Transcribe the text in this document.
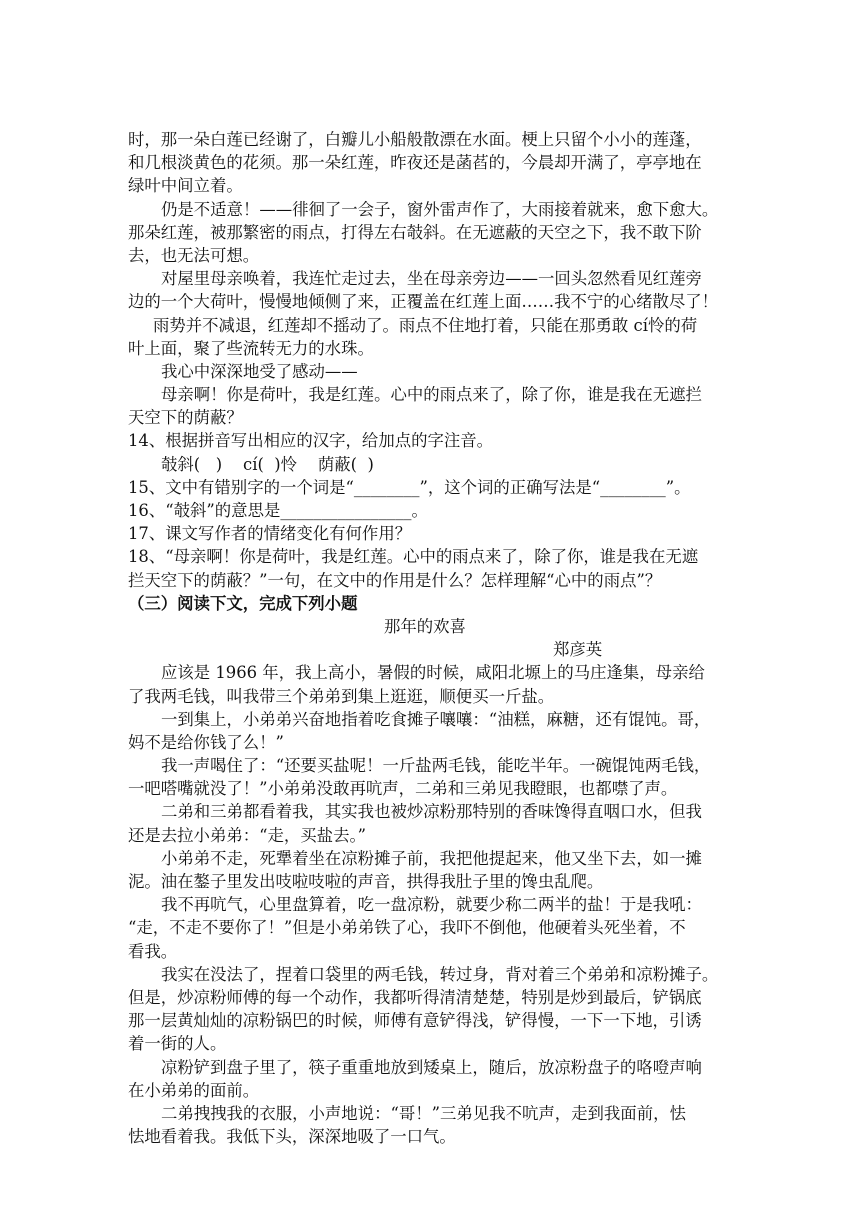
时，那一朵白莲已经谢了，白瓣儿小船般散漂在水面。梗上只留个小小的莲蓬，
和几根淡黄色的花须。那一朵红莲，昨夜还是菡萏的，今晨却开满了，亭亭地在
绿叶中间立着。
仍是不适意！——徘徊了一会子，窗外雷声作了，大雨接着就来，愈下愈大。
那朵红莲，被那繁密的雨点，打得左右攲斜。在无遮蔽的天空之下，我不敢下阶
去，也无法可想。
对屋里母亲唤着，我连忙走过去，坐在母亲旁边——一回头忽然看见红莲旁
边的一个大荷叶，慢慢地倾侧了来，正覆盖在红莲上面……我不宁的心绪散尽了！
雨势并不减退，红莲却不摇动了。雨点不住地打着，只能在那勇敢 cí怜的荷
叶上面，聚了些流转无力的水珠。
我心中深深地受了感动——
母亲啊！你是荷叶，我是红莲。心中的雨点来了，除了你，谁是我在无遮拦
天空下的荫蔽？
14、根据拼音写出相应的汉字，给加点的字注音。
攲斜(   )    cí(  )怜    荫蔽(  )
15、文中有错别字的一个词是“________”，这个词的正确写法是“________”。
16、“攲斜”的意思是________________。
17、课文写作者的情绪变化有何作用？
18、“母亲啊！你是荷叶，我是红莲。心中的雨点来了，除了你，谁是我在无遮
拦天空下的荫蔽？”一句，在文中的作用是什么？怎样理解“心中的雨点”？
（三）阅读下文，完成下列小题
那年的欢喜
郑彦英
应该是 1966 年，我上高小，暑假的时候，咸阳北塬上的马庄逢集，母亲给
了我两毛钱，叫我带三个弟弟到集上逛逛，顺便买一斤盐。
一到集上，小弟弟兴奋地指着吃食摊子嚷嚷：“油糕，麻糖，还有馄饨。哥，
妈不是给你钱了么！”
我一声喝住了：“还要买盐呢！一斤盐两毛钱，能吃半年。一碗馄饨两毛钱，
一吧嗒嘴就没了！”小弟弟没敢再吭声，二弟和三弟见我瞪眼，也都噤了声。
二弟和三弟都看着我，其实我也被炒凉粉那特别的香味馋得直咽口水，但我
还是去拉小弟弟：“走，买盐去。”
小弟弟不走，死犟着坐在凉粉摊子前，我把他提起来，他又坐下去，如一摊
泥。油在鏊子里发出吱啦吱啦的声音，拱得我肚子里的馋虫乱爬。
我不再吭气，心里盘算着，吃一盘凉粉，就要少称二两半的盐！于是我吼：
“走，不走不要你了！”但是小弟弟铁了心，我吓不倒他，他硬着头死坐着，不
看我。
我实在没法了，捏着口袋里的两毛钱，转过身，背对着三个弟弟和凉粉摊子。
但是，炒凉粉师傅的每一个动作，我都听得清清楚楚，特别是炒到最后，铲锅底
那一层黄灿灿的凉粉锅巴的时候，师傅有意铲得浅，铲得慢，一下一下地，引诱
着一街的人。
凉粉铲到盘子里了，筷子重重地放到矮桌上，随后，放凉粉盘子的咯噔声响
在小弟弟的面前。
二弟拽拽我的衣服，小声地说：“哥！”三弟见我不吭声，走到我面前，怯
怯地看着我。我低下头，深深地吸了一口气。
